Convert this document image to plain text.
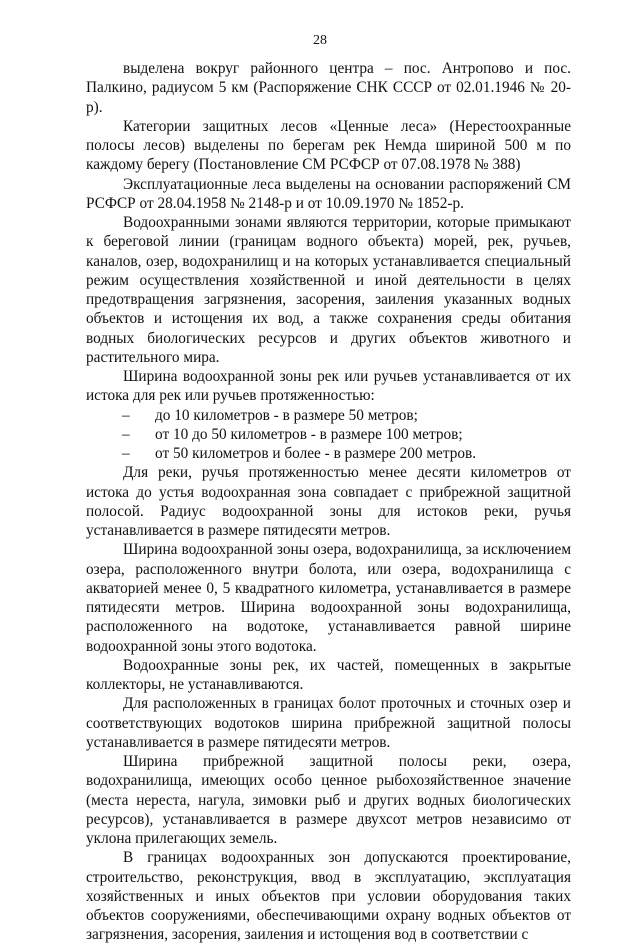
28

выделена вокруг районного центра – пос. Антропово и пос. Палкино, радиусом 5 км (Распоряжение СНК СССР от 02.01.1946 № 20-р).

Категории защитных лесов «Ценные леса» (Нерестоохранные полосы лесов) выделены по берегам рек Немда шириной 500 м по каждому берегу (Постановление СМ РСФСР от 07.08.1978 № 388)

Эксплуатационные леса выделены на основании распоряжений СМ РСФСР от 28.04.1958 № 2148-р и от 10.09.1970 № 1852-р.

Водоохранными зонами являются территории, которые примыкают к береговой линии (границам водного объекта) морей, рек, ручьев, каналов, озер, водохранилищ и на которых устанавливается специальный режим осуществления хозяйственной и иной деятельности в целях предотвращения загрязнения, засорения, заиления указанных водных объектов и истощения их вод, а также сохранения среды обитания водных биологических ресурсов и других объектов животного и растительного мира.

Ширина водоохранной зоны рек или ручьев устанавливается от их истока для рек или ручьев протяженностью:

– до 10 километров - в размере 50 метров;
– от 10 до 50 километров - в размере 100 метров;
– от 50 километров и более - в размере 200 метров.

Для реки, ручья протяженностью менее десяти километров от истока до устья водоохранная зона совпадает с прибрежной защитной полосой. Радиус водоохранной зоны для истоков реки, ручья устанавливается в размере пятидесяти метров.

Ширина водоохранной зоны озера, водохранилища, за исключением озера, расположенного внутри болота, или озера, водохранилища с акваторией менее 0, 5 квадратного километра, устанавливается в размере пятидесяти метров. Ширина водоохранной зоны водохранилища, расположенного на водотоке, устанавливается равной ширине водоохранной зоны этого водотока.

Водоохранные зоны рек, их частей, помещенных в закрытые коллекторы, не устанавливаются.

Для расположенных в границах болот проточных и сточных озер и соответствующих водотоков ширина прибрежной защитной полосы устанавливается в размере пятидесяти метров.

Ширина прибрежной защитной полосы реки, озера, водохранилища, имеющих особо ценное рыбохозяйственное значение (места нереста, нагула, зимовки рыб и других водных биологических ресурсов), устанавливается в размере двухсот метров независимо от уклона прилегающих земель.

В границах водоохранных зон допускаются проектирование, строительство, реконструкция, ввод в эксплуатацию, эксплуатация хозяйственных и иных объектов при условии оборудования таких объектов сооружениями, обеспечивающими охрану водных объектов от загрязнения, засорения, заиления и истощения вод в соответствии с
